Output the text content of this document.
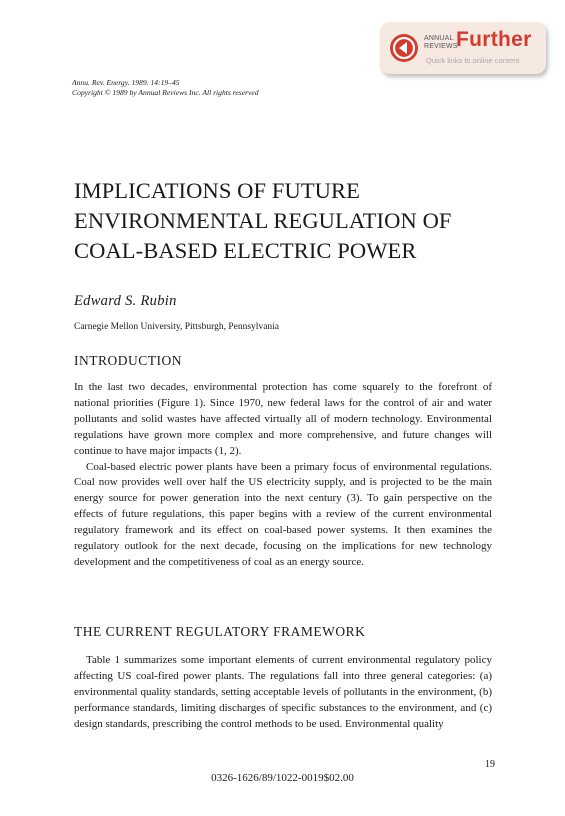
ANNUAL
REVIEWS
Further
Quick links to online content
Annu. Rev. Energy. 1989. 14:19–45
Copyright © 1989 by Annual Reviews Inc. All rights reserved
IMPLICATIONS OF FUTURE
ENVIRONMENTAL REGULATION OF
COAL-BASED ELECTRIC POWER
Edward S. Rubin
Carnegie Mellon University, Pittsburgh, Pennsylvania
INTRODUCTION
In the last two decades, environmental protection has come squarely to the forefront of national priorities (Figure 1). Since 1970, new federal laws for the control of air and water pollutants and solid wastes have affected virtually all of modern technology. Environmental regulations have grown more complex and more comprehensive, and future changes will continue to have major impacts (1, 2).
Coal-based electric power plants have been a primary focus of environmental regulations. Coal now provides well over half the US electricity supply, and is projected to be the main energy source for power generation into the next century (3). To gain perspective on the effects of future regulations, this paper begins with a review of the current environmental regulatory framework and its effect on coal-based power systems. It then examines the regulatory outlook for the next decade, focusing on the implications for new technology development and the competitiveness of coal as an energy source.
THE CURRENT REGULATORY FRAMEWORK
Table 1 summarizes some important elements of current environmental regulatory policy affecting US coal-fired power plants. The regulations fall into three general categories: (a) environmental quality standards, setting acceptable levels of pollutants in the environment, (b) performance standards, limiting discharges of specific substances to the environment, and (c) design standards, prescribing the control methods to be used. Environmental quality
19
0326-1626/89/1022-0019$02.00
